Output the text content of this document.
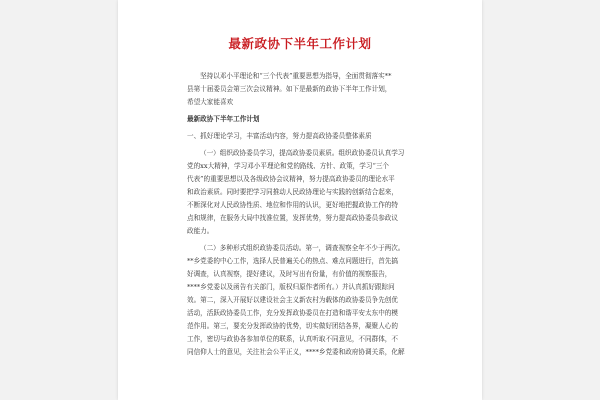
最新政协下半年工作计划
坚持以邓小平理论和“三个代表”重要思想为指导，全面贯彻落实**
县第十届委员会第三次会议精神。如下是最新的政协下半年工作计划，
希望大家能喜欢
最新政协下半年工作计划
一、抓好理论学习，丰富活动内容，努力提高政协委员整体素质
（一）组织政协委员学习，提高政协委员素质。组织政协委员认真学习
党的xx大精神，学习邓小平理论和党的路线、方针、政策，学习“三个
代表”的重要思想以及各级政协会议精神，努力提高政协委员的理论水平
和政治素质。同时要把学习同推动人民政协理论与实践的创新结合起来，
不断深化对人民政协性质、地位和作用的认识，更好地把握政协工作的特
点和规律，在服务大局中找准位置，发挥优势，努力提高政协委员参政议
政能力。
（二）多种形式组织政协委员活动。第一，调查视察全年不少于两次。
**乡党委的中心工作，选择人民普遍关心的热点、难点问题进行，首先搞
好调查，认真视察，提好建议，及时写出有份量，有价值的视察报告，
****乡党委以及函告有关部门，版权归原作者所有。）并认真抓好跟踪问
效。第二，深入开展好以建设社会主义新农村为载体的政协委员争先创优
活动，活跃政协委员工作，充分发挥政协委员在打造和谐平安太东中的模
范作用。第三，要充分发挥政协的优势，切实做好团结各界，凝聚人心的
工作，密切与政协各参加单位的联系，认真听取不同意见，不同群体，不
同信仰人士的意见，关注社会公平正义，****乡党委和政府协调关系，化解
